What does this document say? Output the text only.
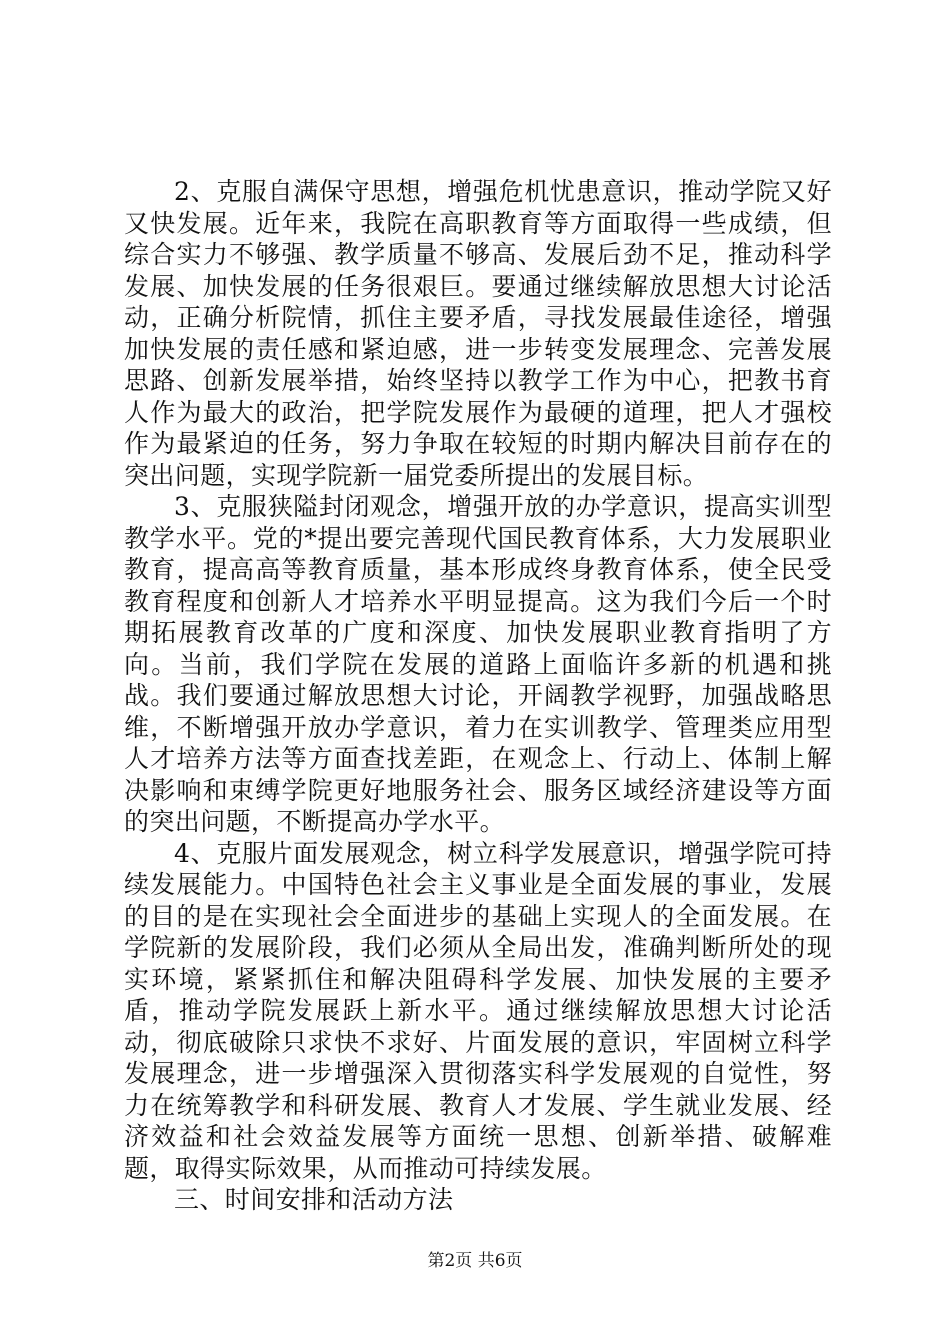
2、克服自满保守思想，增强危机忧患意识，推动学院又好又快发展。近年来，我院在高职教育等方面取得一些成绩，但综合实力不够强、教学质量不够高、发展后劲不足，推动科学发展、加快发展的任务很艰巨。要通过继续解放思想大讨论活动，正确分析院情，抓住主要矛盾，寻找发展最佳途径，增强加快发展的责任感和紧迫感，进一步转变发展理念、完善发展思路、创新发展举措，始终坚持以教学工作为中心，把教书育人作为最大的政治，把学院发展作为最硬的道理，把人才强校作为最紧迫的任务，努力争取在较短的时期内解决目前存在的突出问题，实现学院新一届党委所提出的发展目标。

3、克服狭隘封闭观念，增强开放的办学意识，提高实训型教学水平。党的*提出要完善现代国民教育体系，大力发展职业教育，提高高等教育质量，基本形成终身教育体系，使全民受教育程度和创新人才培养水平明显提高。这为我们今后一个时期拓展教育改革的广度和深度、加快发展职业教育指明了方向。当前，我们学院在发展的道路上面临许多新的机遇和挑战。我们要通过解放思想大讨论，开阔教学视野，加强战略思维，不断增强开放办学意识，着力在实训教学、管理类应用型人才培养方法等方面查找差距，在观念上、行动上、体制上解决影响和束缚学院更好地服务社会、服务区域经济建设等方面的突出问题，不断提高办学水平。

4、克服片面发展观念，树立科学发展意识，增强学院可持续发展能力。中国特色社会主义事业是全面发展的事业，发展的目的是在实现社会全面进步的基础上实现人的全面发展。在学院新的发展阶段，我们必须从全局出发，准确判断所处的现实环境，紧紧抓住和解决阻碍科学发展、加快发展的主要矛盾，推动学院发展跃上新水平。通过继续解放思想大讨论活动，彻底破除只求快不求好、片面发展的意识，牢固树立科学发展理念，进一步增强深入贯彻落实科学发展观的自觉性，努力在统筹教学和科研发展、教育人才发展、学生就业发展、经济效益和社会效益发展等方面统一思想、创新举措、破解难题，取得实际效果，从而推动可持续发展。

三、时间安排和活动方法

第2页 共6页
